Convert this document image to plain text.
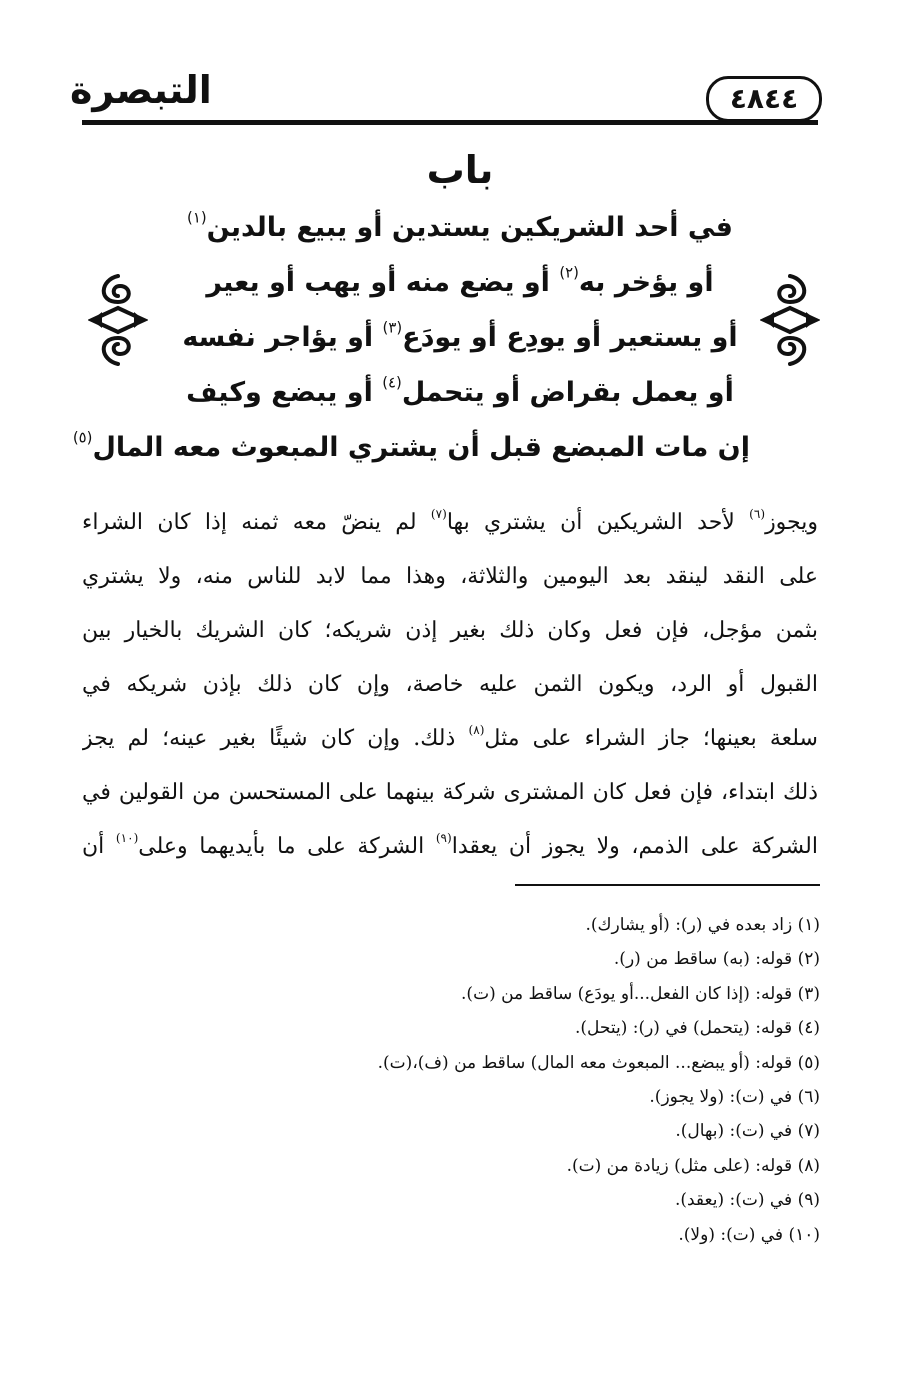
التبصرة	٤٨٤٤

باب

في أحد الشريكين يستدين أو يبيع بالدين$^{(١)}$

أو يؤخر به$^{(٢)}$ أو يضع منه أو يهب أو يعير

أو يستعير أو يودِع أو يودَع$^{(٣)}$ أو يؤاجر نفسه

أو يعمل بقراض أو يتحمل$^{(٤)}$ أو يبضع وكيف

إن مات المبضع قبل أن يشتري المبعوث معه المال$^{(٥)}$

ويجوز$^{(٦)}$ لأحد الشريكين أن يشتري بها$^{(٧)}$ لم ينضّ معه ثمنه إذا كان الشراء
على النقد لينقد بعد اليومين والثلاثة، وهذا مما لابد للناس منه، ولا يشتري
بثمن مؤجل، فإن فعل وكان ذلك بغير إذن شريكه؛ كان الشريك بالخيار بين
القبول أو الرد، ويكون الثمن عليه خاصة، وإن كان ذلك بإذن شريكه في
سلعة بعينها؛ جاز الشراء على مثل$^{(٨)}$ ذلك. وإن كان شيئًا بغير عينه؛ لم يجز
ذلك ابتداء، فإن فعل كان المشترى شركة بينهما على المستحسن من القولين في
الشركة على الذمم، ولا يجوز أن يعقدا$^{(٩)}$ الشركة على ما بأيديهما وعلى$^{(١٠)}$ أن

(١) زاد بعده في (ر): (أو يشارك).

(٢) قوله: (به) ساقط من (ر).

(٣) قوله: (إذا كان الفعل...أو يودَع) ساقط من (ت).

(٤) قوله: (يتحمل) في (ر): (يتحل).

(٥) قوله: (أو يبضع... المبعوث معه المال) ساقط من (ف)،(ت).

(٦) في (ت): (ولا يجوز).

(٧) في (ت): (بهال).

(٨) قوله: (على مثل) زيادة من (ت).

(٩) في (ت): (يعقد).

(١٠) في (ت): (ولا).
